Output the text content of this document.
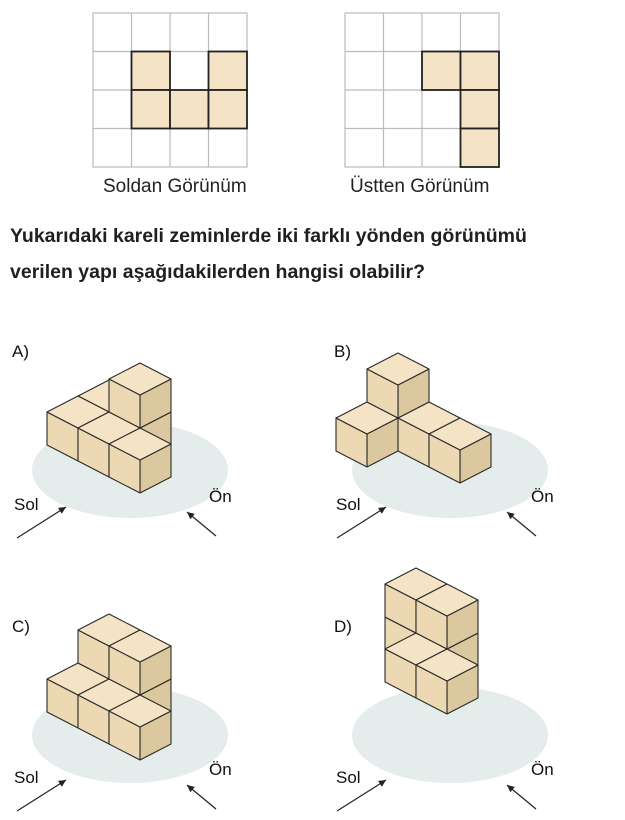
Soldan Görünüm	Üstten Görünüm
Yukarıdaki kareli zeminlerde iki farklı yönden görünümü
verilen yapı aşağıdakilerden hangisi olabilir?
A)
Sol	Ön
B)
Sol	Ön
C)
Sol	Ön
D)
Sol	Ön
